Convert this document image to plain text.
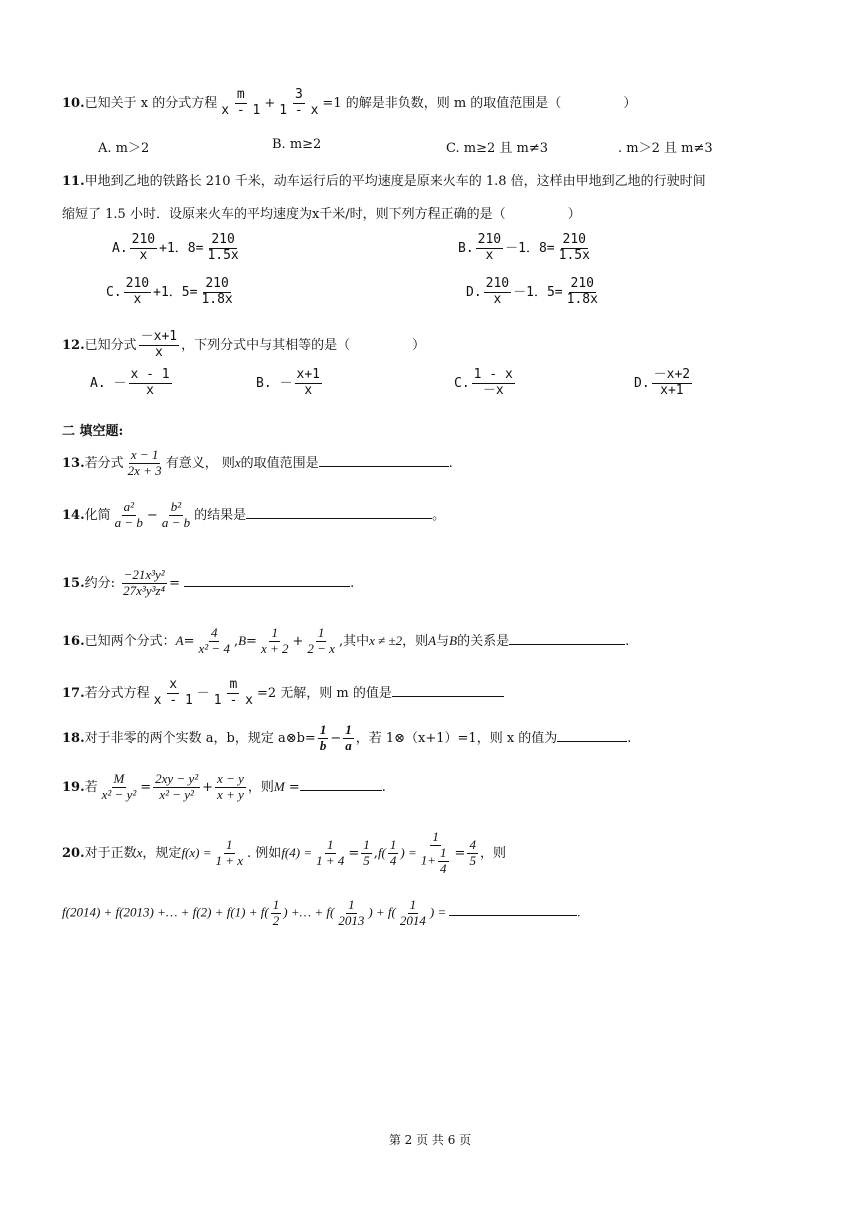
10.已知关于 x 的分式方程 $\frac{m}{x - 1} + \frac{3}{1 - x} =1$ 的解是非负数，则 m 的取值范围是（	）
A. m＞2	B. m≥2	C. m≥2 且 m≠3	. m＞2 且 m≠3
11.甲地到乙地的铁路长 210 千米，动车运行后的平均速度是原来火车的 1.8 倍，这样由甲地到乙地的行驶时间
缩短了 1.5 小时．设原来火车的平均速度为x千米/时，则下列方程正确的是（	）
A. $\frac{210}{x} +1$．$8= \frac{210}{1.5x}$	B. $\frac{210}{x} -1$．$8= \frac{210}{1.5x}$
C. $\frac{210}{x} +1$．$5= \frac{210}{1.8x}$	D. $\frac{210}{x} -1$．$5= \frac{210}{1.8x}$
12.已知分式 $\frac{-x+1}{x}$ ，下列分式中与其相等的是（	）
A. － $\frac{x - 1}{x}$	B. － $\frac{x+1}{x}$	C. $\frac{1 - x}{-x}$	D. $\frac{-x+2}{x+1}$
二 填空题:
13.若分式 $\frac{x - 1}{2x + 3}$ 有意义， 则x的取值范围是	.
14.化简 $\frac{\text{a²}}{a - b} - \frac{\text{b²}}{a - b}$ 的结果是	。
15.约分: $\frac{\text{−21x³y²}}{\text{27x³y³z⁴}}$ =	.
16.已知两个分式：$A= \frac{4}{\text{x² − 4}} ,B= \frac{1}{x + 2} + \frac{1}{2 - x}$ ,其中x ≠ ±2，则A与B的关系是	.
17.若分式方程 $\frac{x}{x - 1} - \frac{m}{1 - x} =2$ 无解，则 m 的值是
18.对于非零的两个实数 a，b，规定 a⊗b= $\frac{1}{b} - \frac{1}{a}$ ，若 1⊗（x+1）=1，则 x 的值为	.
19.若 $\frac{M}{\text{x² − y²}} = \frac{\text{2xy − y²}}{\text{x² − y²}} + \frac{x - y}{x + y}$ ，则M =	.
20.对于正数x，规定$f(x) = \frac{1}{1 + x}$ . 例如$f(4) = \frac{1}{1 + 4} = \frac{1}{5} ,f( \frac{1}{4}$ ) = $\frac{1}{1+ \frac{1}{4}} = \frac{4}{5}$ ，则
f(2014) + f(2013) +… + $f(2) + f(1) + f( \frac{1}{2}$ ) +… + $f( \frac{1}{2013}$ ) + $f( \frac{1}{2014}$ ) =	.
第 2 页 共 6 页
